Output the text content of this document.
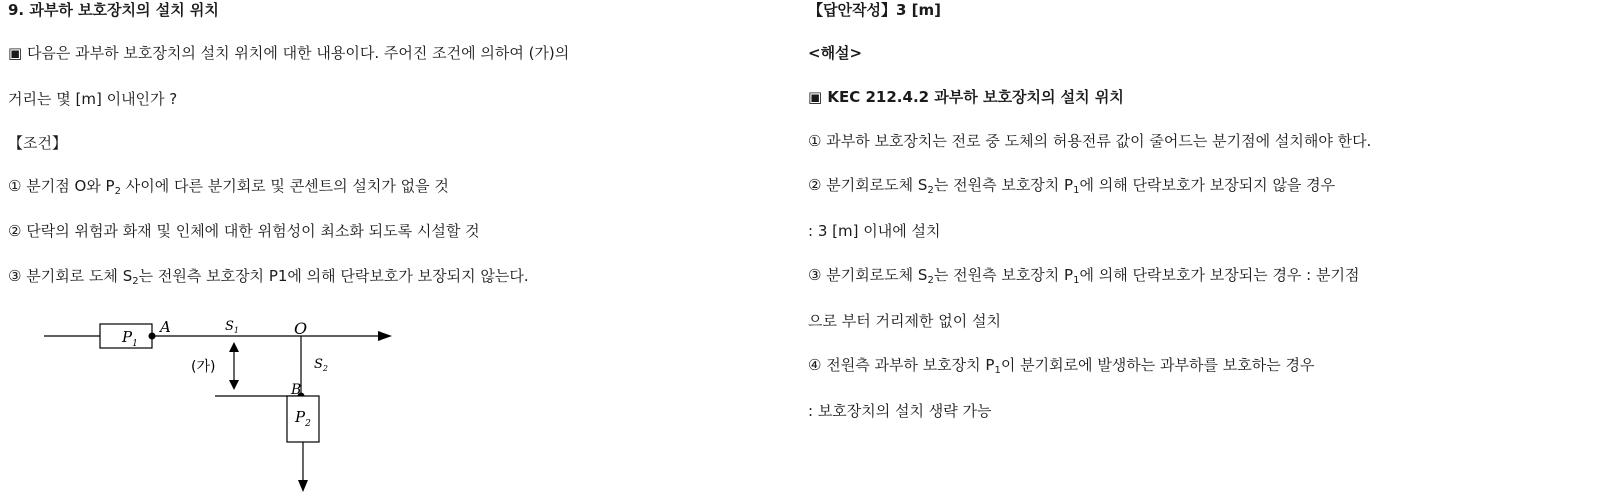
9. 과부하 보호장치의 설치 위치
▣ 다음은 과부하 보호장치의 설치 위치에 대한 내용이다. 주어진 조건에 의하여 (가)의
거리는 몇 [m] 이내인가 ?
【조건】
① 분기점 O와 $P_2$ 사이에 다른 분기회로 및 콘센트의 설치가 없을 것
② 단락의 위험과 화재 및 인체에 대한 위험성이 최소화 되도록 시설할 것
③ 분기회로 도체 $S_2$는 전원측 보호장치 P1에 의해 단락보호가 보장되지 않는다.
$P_1$
A	$S_1$	O
$S_2$
(가)
B
$P_2$
【답안작성】3 [m]
<해설>
▣ KEC 212.4.2 과부하 보호장치의 설치 위치
① 과부하 보호장치는 전로 중 도체의 허용전류 값이 줄어드는 분기점에 설치해야 한다.
② 분기회로도체 $S_2$는 전원측 보호장치 $P_1$에 의해 단락보호가 보장되지 않을 경우
: 3 [m] 이내에 설치
③ 분기회로도체 $S_2$는 전원측 보호장치 $P_1$에 의해 단락보호가 보장되는 경우 : 분기점
으로 부터 거리제한 없이 설치
④ 전원측 과부하 보호장치 $P_1$이 분기회로에 발생하는 과부하를 보호하는 경우
: 보호장치의 설치 생략 가능
